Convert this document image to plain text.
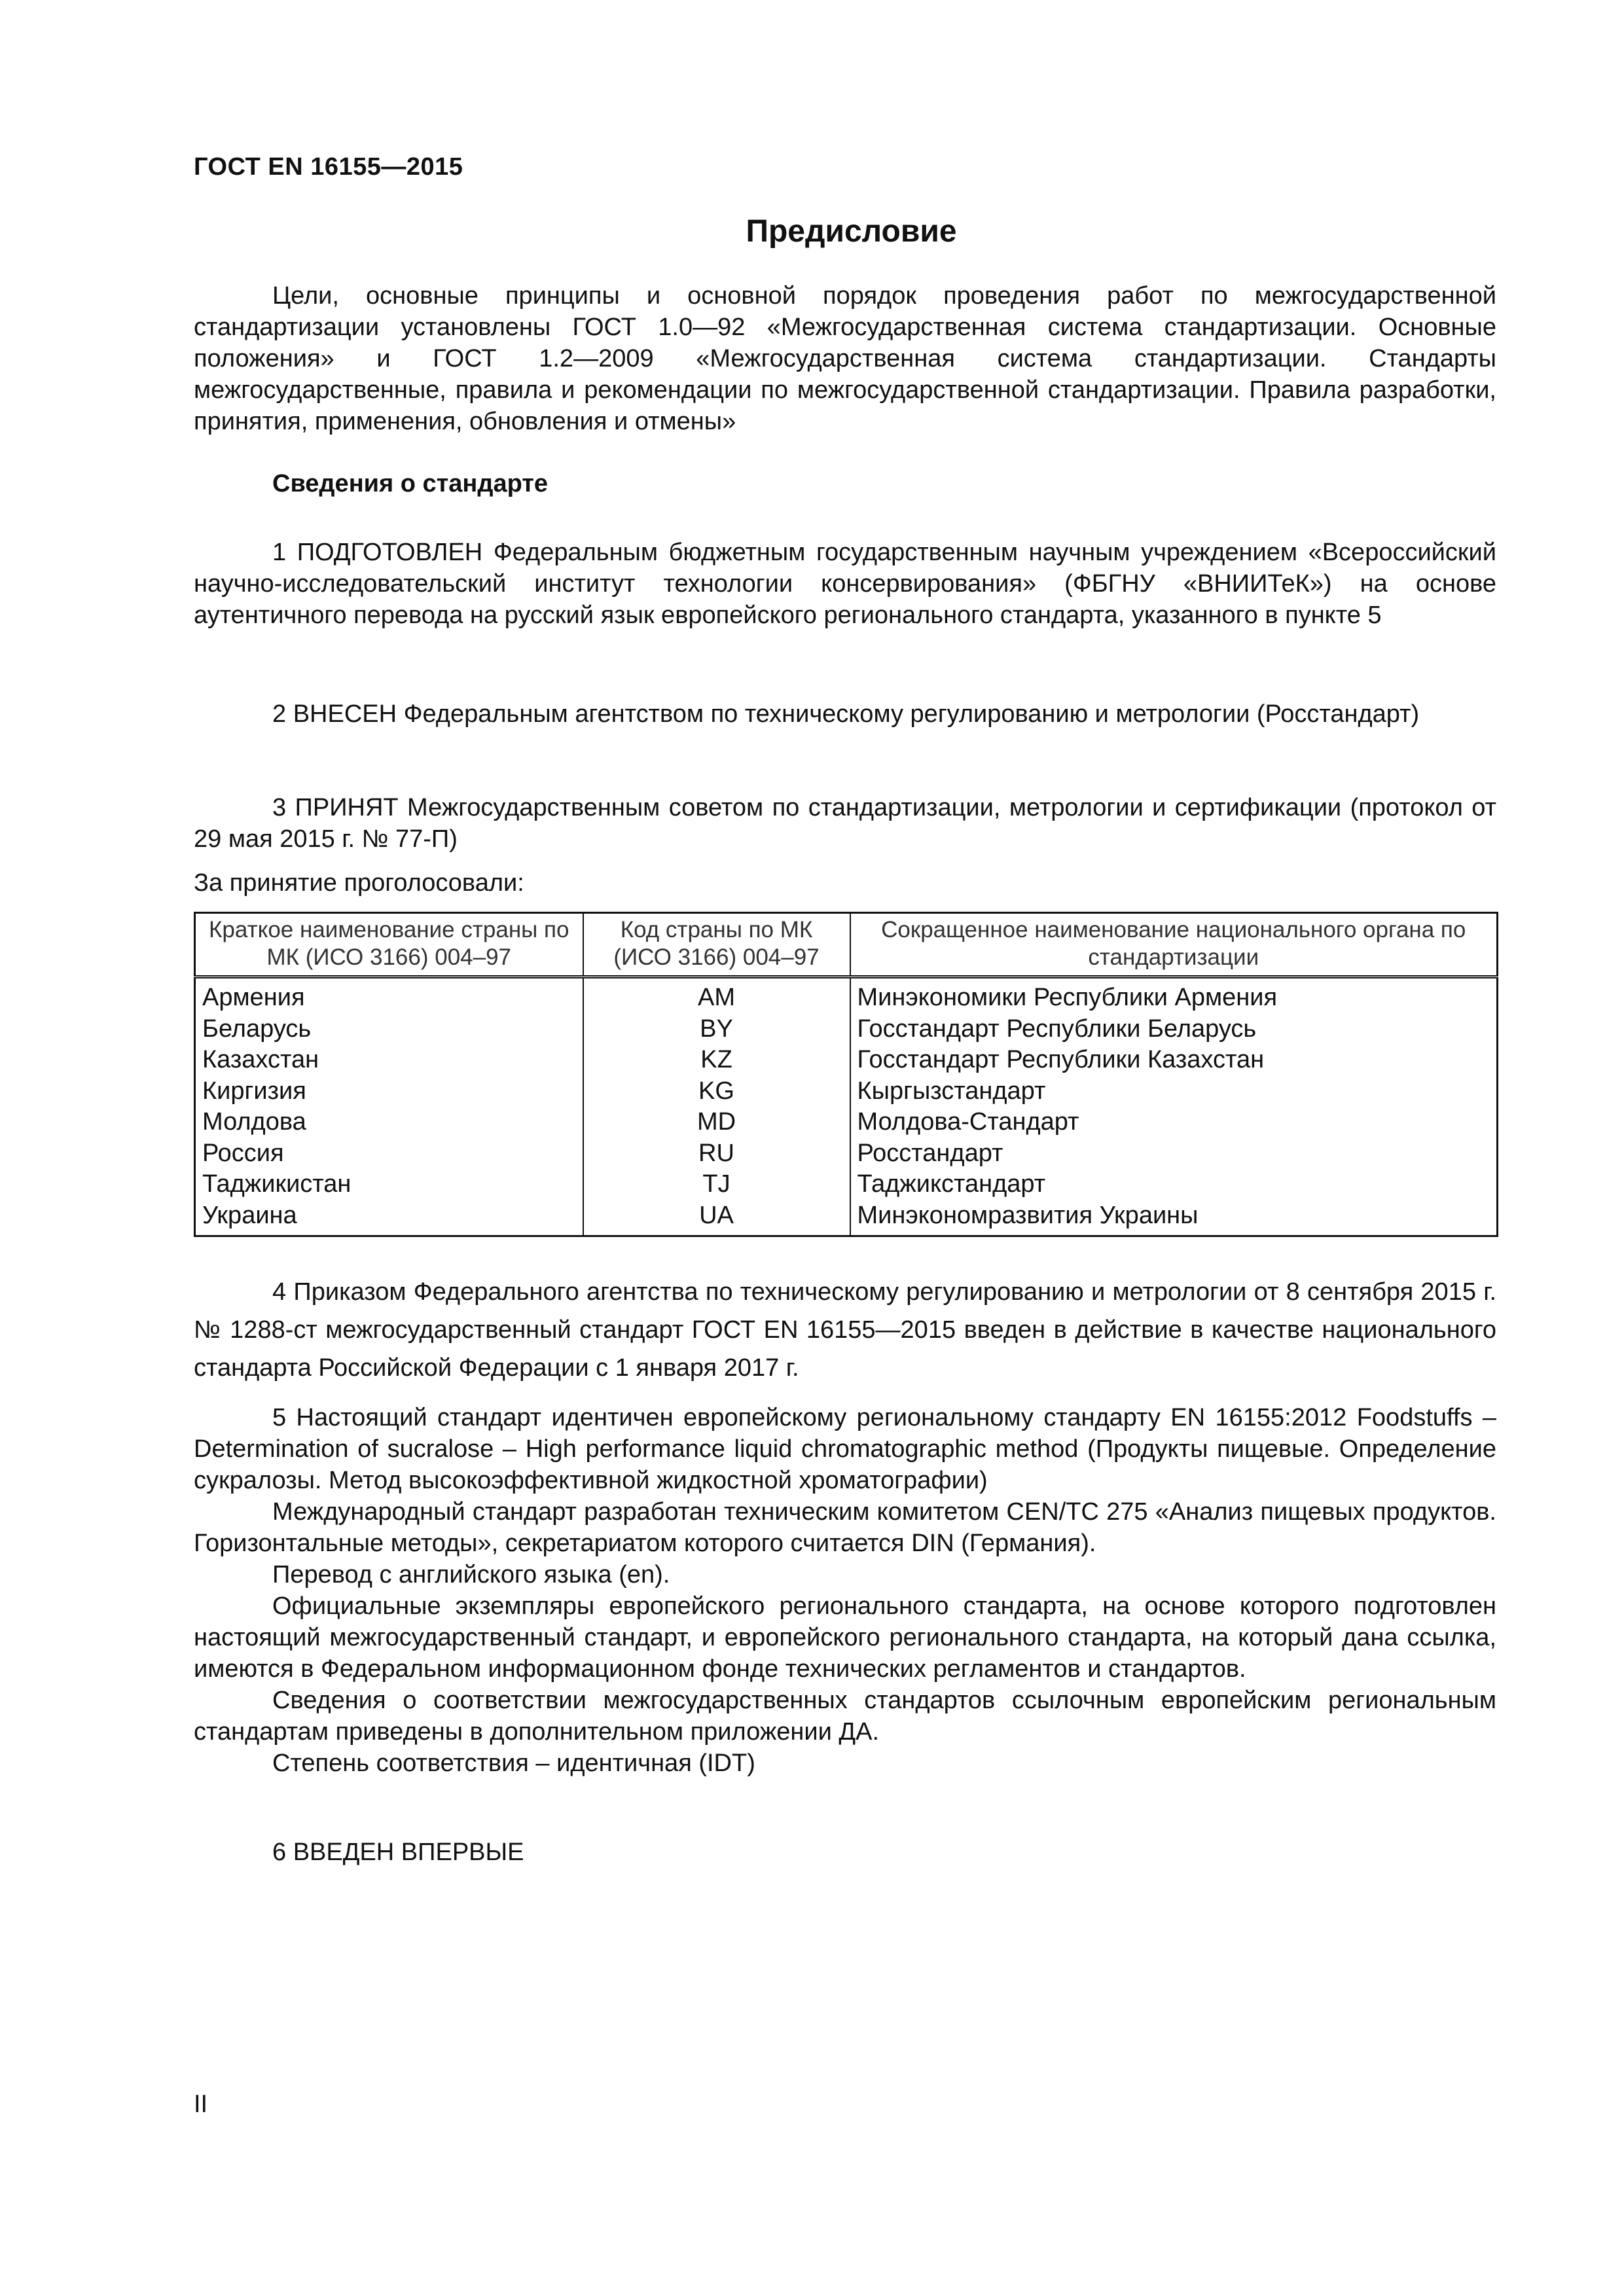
ГОСТ EN 16155—2015
Предисловие

Цели, основные принципы и основной порядок проведения работ по межгосударственной стандартизации установлены ГОСТ 1.0—92 «Межгосударственная система стандартизации. Основные положения» и ГОСТ 1.2—2009 «Межгосударственная система стандартизации. Стандарты межгосударственные, правила и рекомендации по межгосударственной стандартизации. Правила разработки, принятия, применения, обновления и отмены»

Сведения о стандарте

1 ПОДГОТОВЛЕН Федеральным бюджетным государственным научным учреждением «Всероссийский научно-исследовательский институт технологии консервирования» (ФБГНУ «ВНИИТеК») на основе аутентичного перевода на русский язык европейского регионального стандарта, указанного в пункте 5

2 ВНЕСЕН Федеральным агентством по техническому регулированию и метрологии (Росстандарт)

3 ПРИНЯТ Межгосударственным советом по стандартизации, метрологии и сертификации (протокол от 29 мая 2015 г. № 77-П)

За принятие проголосовали:
Краткое наименование страны по МК (ИСО 3166) 004–97	Код страны по МК (ИСО 3166) 004–97	Сокращенное наименование национального органа по стандартизации
Армения	AM	Минэкономики Республики Армения
Беларусь	BY	Госстандарт Республики Беларусь
Казахстан	KZ	Госстандарт Республики Казахстан
Киргизия	KG	Кыргызстандарт
Молдова	MD	Молдова-Стандарт
Россия	RU	Росстандарт
Таджикистан	TJ	Таджикстандарт
Украина	UA	Минэкономразвития Украины

4 Приказом Федерального агентства по техническому регулированию и метрологии от 8 сентября 2015 г. № 1288-ст межгосударственный стандарт ГОСТ EN 16155—2015 введен в действие в качестве национального стандарта Российской Федерации с 1 января 2017 г.

5 Настоящий стандарт идентичен европейскому региональному стандарту EN 16155:2012 Foodstuffs – Determination of sucralose – High performance liquid chromatographic method (Продукты пищевые. Определение сукралозы. Метод высокоэффективной жидкостной хроматографии)

Международный стандарт разработан техническим комитетом CEN/TC 275 «Анализ пищевых продуктов. Горизонтальные методы», секретариатом которого считается DIN (Германия).

Перевод с английского языка (en).

Официальные экземпляры европейского регионального стандарта, на основе которого подготовлен настоящий межгосударственный стандарт, и европейского регионального стандарта, на который дана ссылка, имеются в Федеральном информационном фонде технических регламентов и стандартов.

Сведения о соответствии межгосударственных стандартов ссылочным европейским региональным стандартам приведены в дополнительном приложении ДА.

Степень соответствия – идентичная (IDT)

6 ВВЕДЕН ВПЕРВЫЕ

II
